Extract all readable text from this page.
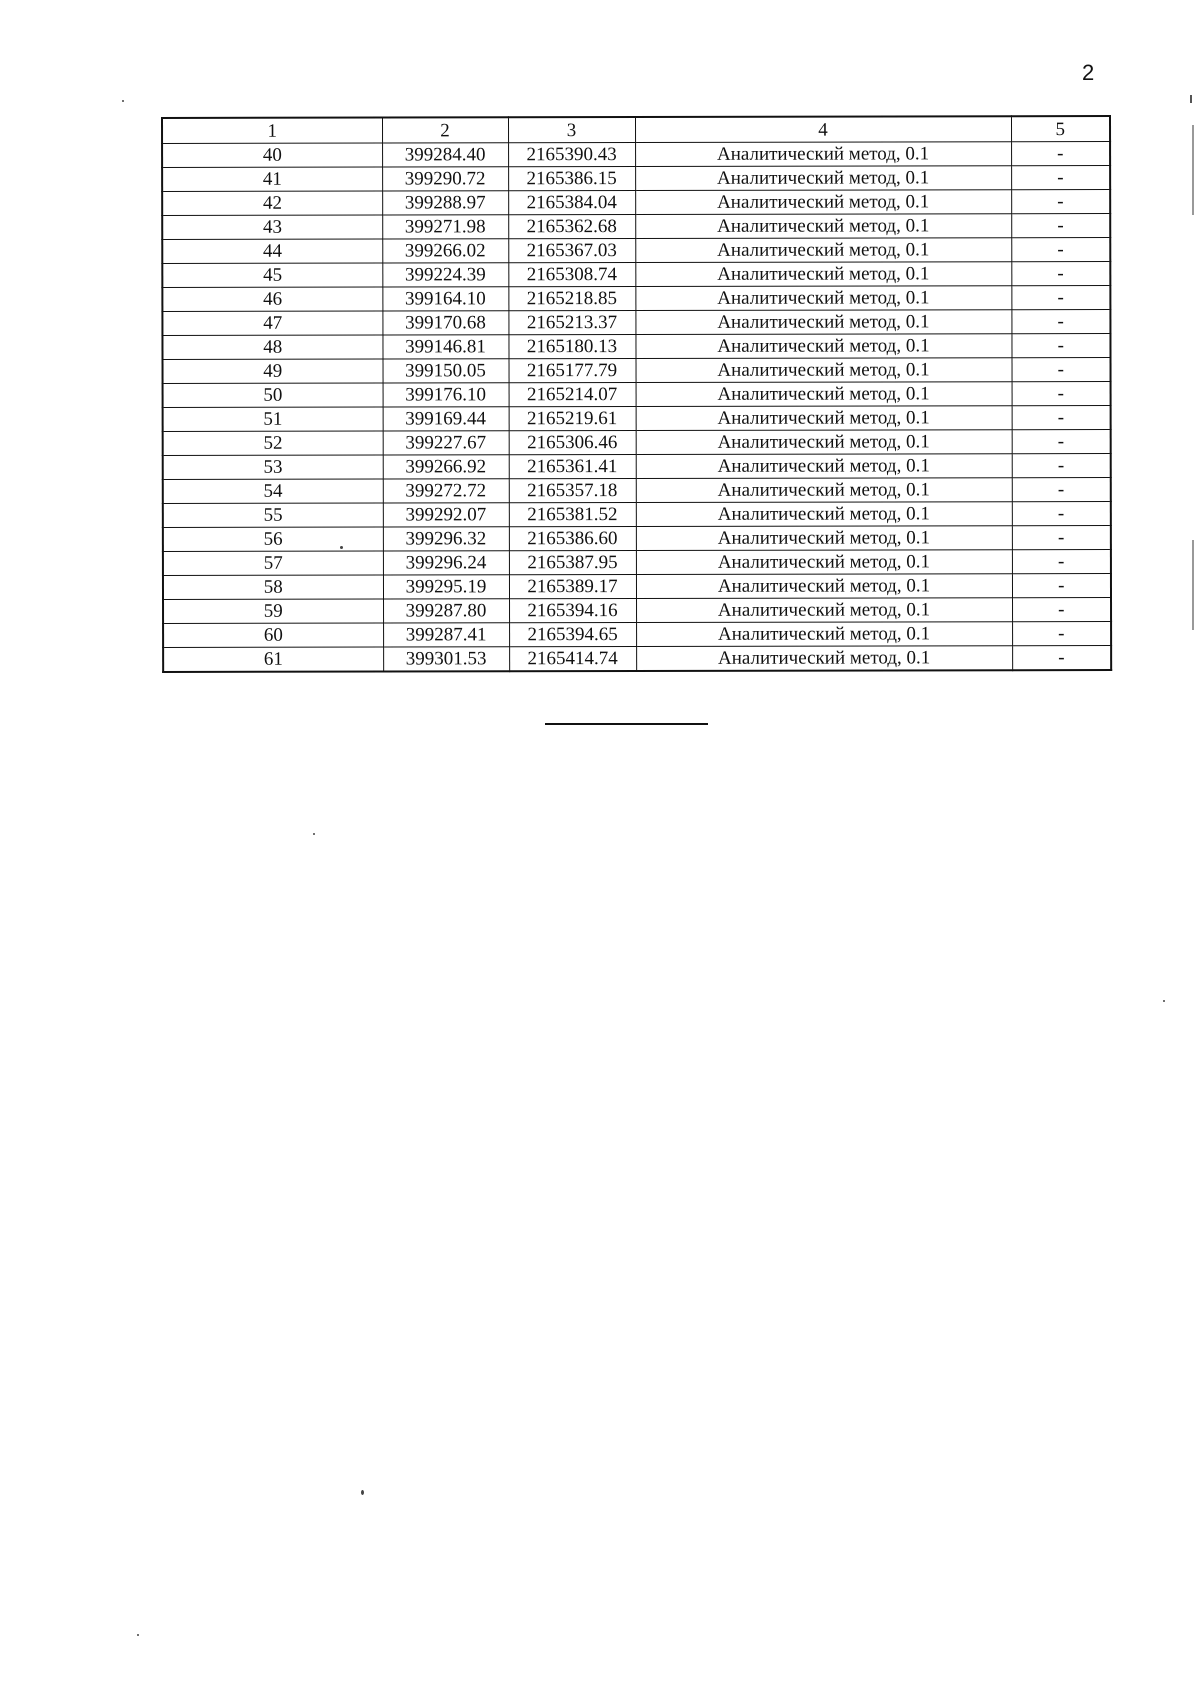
2
1	2	3	4	5
40	399284.40	2165390.43	Аналитический метод, 0.1	-
41	399290.72	2165386.15	Аналитический метод, 0.1	-
42	399288.97	2165384.04	Аналитический метод, 0.1	-
43	399271.98	2165362.68	Аналитический метод, 0.1	-
44	399266.02	2165367.03	Аналитический метод, 0.1	-
45	399224.39	2165308.74	Аналитический метод, 0.1	-
46	399164.10	2165218.85	Аналитический метод, 0.1	-
47	399170.68	2165213.37	Аналитический метод, 0.1	-
48	399146.81	2165180.13	Аналитический метод, 0.1	-
49	399150.05	2165177.79	Аналитический метод, 0.1	-
50	399176.10	2165214.07	Аналитический метод, 0.1	-
51	399169.44	2165219.61	Аналитический метод, 0.1	-
52	399227.67	2165306.46	Аналитический метод, 0.1	-
53	399266.92	2165361.41	Аналитический метод, 0.1	-
54	399272.72	2165357.18	Аналитический метод, 0.1	-
55	399292.07	2165381.52	Аналитический метод, 0.1	-
56	399296.32	2165386.60	Аналитический метод, 0.1	-
57	399296.24	2165387.95	Аналитический метод, 0.1	-
58	399295.19	2165389.17	Аналитический метод, 0.1	-
59	399287.80	2165394.16	Аналитический метод, 0.1	-
60	399287.41	2165394.65	Аналитический метод, 0.1	-
61	399301.53	2165414.74	Аналитический метод, 0.1	-
